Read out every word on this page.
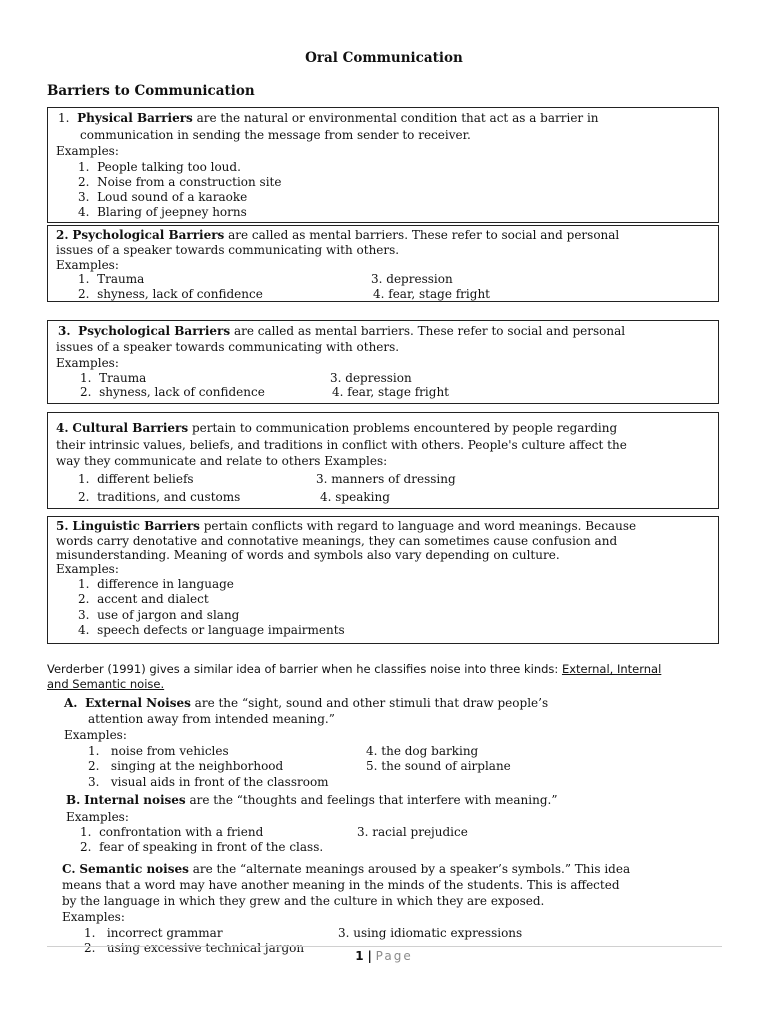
Oral Communication
Barriers to Communication
1. Physical Barriers are the natural or environmental condition that act as a barrier in
communication in sending the message from sender to receiver.
Examples:
1.  People talking too loud.
2.  Noise from a construction site
3.  Loud sound of a karaoke
4.  Blaring of jeepney horns
2. Psychological Barriers are called as mental barriers. These refer to social and personal
issues of a speaker towards communicating with others.
Examples:
1.  Trauma	3. depression
2.  shyness, lack of confidence	4. fear, stage fright
3. Psychological Barriers are called as mental barriers. These refer to social and personal
issues of a speaker towards communicating with others.
Examples:
1.  Trauma	3. depression
2.  shyness, lack of confidence	4. fear, stage fright
4. Cultural Barriers pertain to communication problems encountered by people regarding
their intrinsic values, beliefs, and traditions in conflict with others. People's culture affect the
way they communicate and relate to others Examples:
1.  different beliefs	3. manners of dressing
2.  traditions, and customs	4. speaking
5. Linguistic Barriers pertain conflicts with regard to language and word meanings. Because
words carry denotative and connotative meanings, they can sometimes cause confusion and
misunderstanding. Meaning of words and symbols also vary depending on culture.
Examples:
1.  difference in language
2.  accent and dialect
3.  use of jargon and slang
4.  speech defects or language impairments
Verderber (1991) gives a similar idea of barrier when he classifies noise into three kinds: External, Internal
and Semantic noise.
A. External Noises are the “sight, sound and other stimuli that draw people’s
attention away from intended meaning.”
Examples:
1.   noise from vehicles	4. the dog barking
2.   singing at the neighborhood	5. the sound of airplane
3.   visual aids in front of the classroom
B. Internal noises are the “thoughts and feelings that interfere with meaning.”
Examples:
1.  confrontation with a friend	3. racial prejudice
2.  fear of speaking in front of the class.
C. Semantic noises are the “alternate meanings aroused by a speaker’s symbols.” This idea
means that a word may have another meaning in the minds of the students. This is affected
by the language in which they grew and the culture in which they are exposed.
Examples:
1.   incorrect grammar	3. using idiomatic expressions
2.   using excessive technical jargon
1 | Page
